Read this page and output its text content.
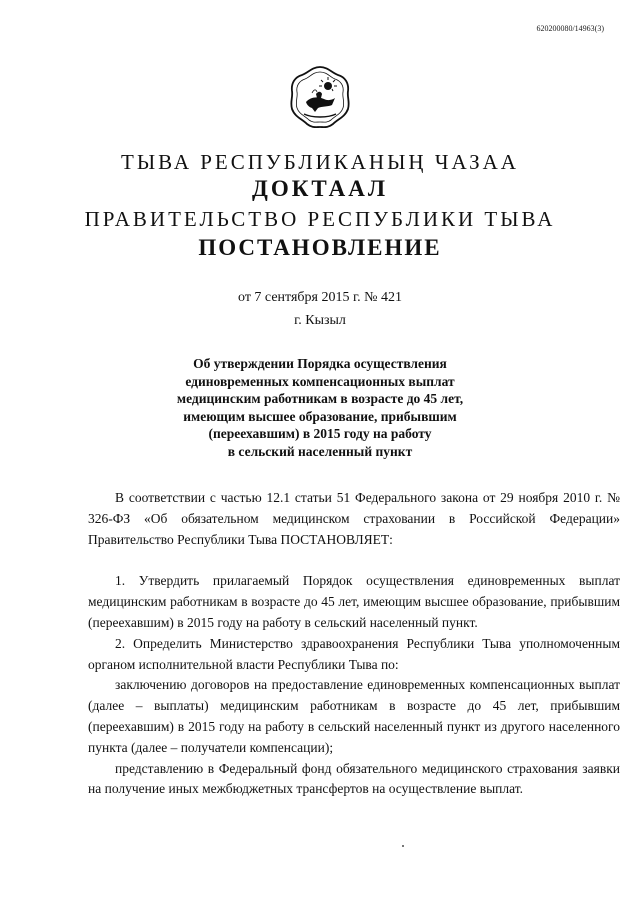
620200080/14963(3)
ТЫВА РЕСПУБЛИКАНЫҢ ЧАЗАА
ДОКТААЛ
ПРАВИТЕЛЬСТВО РЕСПУБЛИКИ ТЫВА
ПОСТАНОВЛЕНИЕ
от 7 сентября 2015 г. № 421
г. Кызыл
Об утверждении Порядка осуществления
единовременных компенсационных выплат
медицинским работникам в возрасте до 45 лет,
имеющим высшее образование, прибывшим
(переехавшим) в 2015 году на работу
в сельский населенный пункт

В соответствии с частью 12.1 статьи 51 Федерального закона от 29 ноября 2010 г. № 326-ФЗ «Об обязательном медицинском страховании в Российской Федерации» Правительство Республики Тыва ПОСТАНОВЛЯЕТ:

1. Утвердить прилагаемый Порядок осуществления единовременных выплат медицинским работникам в возрасте до 45 лет, имеющим высшее образование, прибывшим (переехавшим) в 2015 году на работу в сельский населенный пункт.

2. Определить Министерство здравоохранения Республики Тыва уполномоченным органом исполнительной власти Республики Тыва по:

заключению договоров на предоставление единовременных компенсационных выплат (далее – выплаты) медицинским работникам в возрасте до 45 лет, прибывшим (переехавшим) в 2015 году на работу в сельский населенный пункт из другого населенного пункта (далее – получатели компенсации);

представлению в Федеральный фонд обязательного медицинского страхования заявки на получение иных межбюджетных трансфертов на осуществление выплат.
